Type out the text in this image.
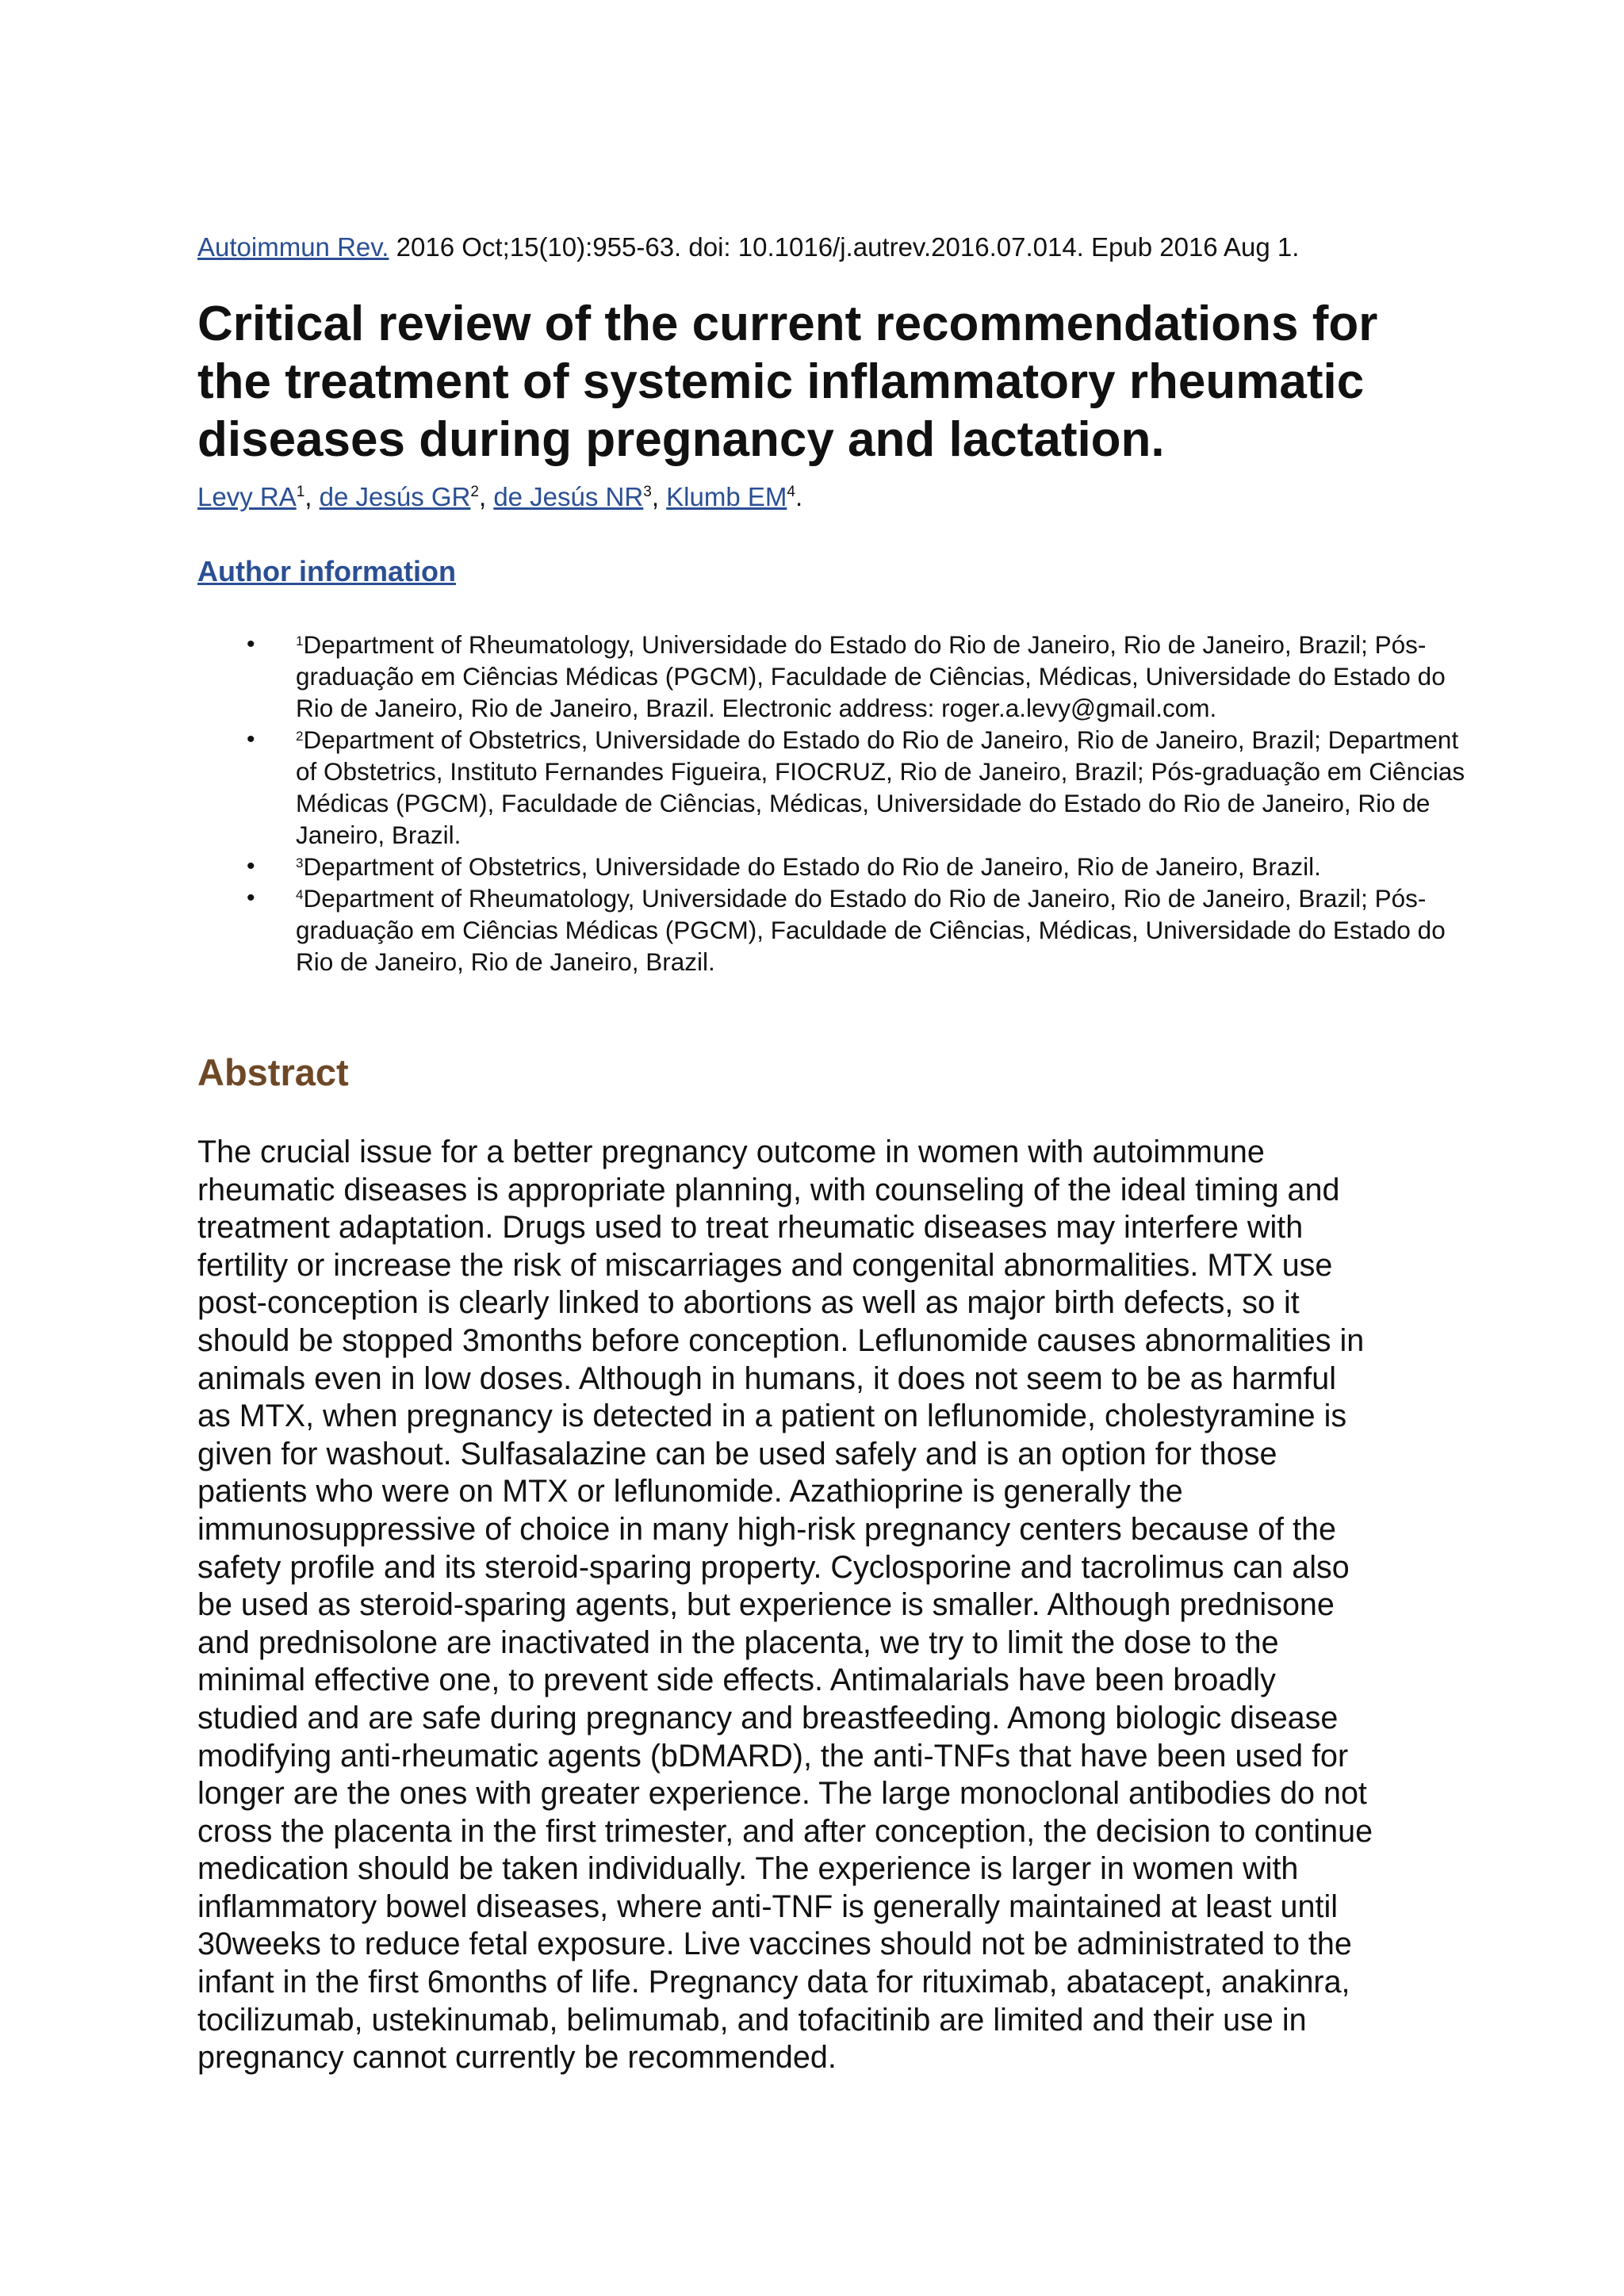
Autoimmun Rev. 2016 Oct;15(10):955-63. doi: 10.1016/j.autrev.2016.07.014. Epub 2016 Aug 1.
Critical review of the current recommendations for the treatment of systemic inflammatory rheumatic diseases during pregnancy and lactation.
Levy $RA^1$, de Jesús $GR^2$, de Jesús $NR^3$, Klumb $EM^4$.
Author information
•	$^1$Department of Rheumatology, Universidade do Estado do Rio de Janeiro, Rio de Janeiro, Brazil; Pós-graduação em Ciências Médicas (PGCM), Faculdade de Ciências, Médicas, Universidade do Estado do Rio de Janeiro, Rio de Janeiro, Brazil. Electronic address: roger.a.levy@gmail.com.
•	$^2$Department of Obstetrics, Universidade do Estado do Rio de Janeiro, Rio de Janeiro, Brazil; Department of Obstetrics, Instituto Fernandes Figueira, FIOCRUZ, Rio de Janeiro, Brazil; Pós-graduação em Ciências Médicas (PGCM), Faculdade de Ciências, Médicas, Universidade do Estado do Rio de Janeiro, Rio de Janeiro, Brazil.
•	$^3$Department of Obstetrics, Universidade do Estado do Rio de Janeiro, Rio de Janeiro, Brazil.
•	$^4$Department of Rheumatology, Universidade do Estado do Rio de Janeiro, Rio de Janeiro, Brazil; Pós-graduação em Ciências Médicas (PGCM), Faculdade de Ciências, Médicas, Universidade do Estado do Rio de Janeiro, Rio de Janeiro, Brazil.
Abstract

The crucial issue for a better pregnancy outcome in women with autoimmune
rheumatic diseases is appropriate planning, with counseling of the ideal timing and
treatment adaptation. Drugs used to treat rheumatic diseases may interfere with
fertility or increase the risk of miscarriages and congenital abnormalities. MTX use
post-conception is clearly linked to abortions as well as major birth defects, so it
should be stopped 3months before conception. Leflunomide causes abnormalities in
animals even in low doses. Although in humans, it does not seem to be as harmful
as MTX, when pregnancy is detected in a patient on leflunomide, cholestyramine is
given for washout. Sulfasalazine can be used safely and is an option for those
patients who were on MTX or leflunomide. Azathioprine is generally the
immunosuppressive of choice in many high-risk pregnancy centers because of the
safety profile and its steroid-sparing property. Cyclosporine and tacrolimus can also
be used as steroid-sparing agents, but experience is smaller. Although prednisone
and prednisolone are inactivated in the placenta, we try to limit the dose to the
minimal effective one, to prevent side effects. Antimalarials have been broadly
studied and are safe during pregnancy and breastfeeding. Among biologic disease
modifying anti-rheumatic agents (bDMARD), the anti-TNFs that have been used for
longer are the ones with greater experience. The large monoclonal antibodies do not
cross the placenta in the first trimester, and after conception, the decision to continue
medication should be taken individually. The experience is larger in women with
inflammatory bowel diseases, where anti-TNF is generally maintained at least until
30weeks to reduce fetal exposure. Live vaccines should not be administrated to the
infant in the first 6months of life. Pregnancy data for rituximab, abatacept, anakinra,
tocilizumab, ustekinumab, belimumab, and tofacitinib are limited and their use in
pregnancy cannot currently be recommended.
